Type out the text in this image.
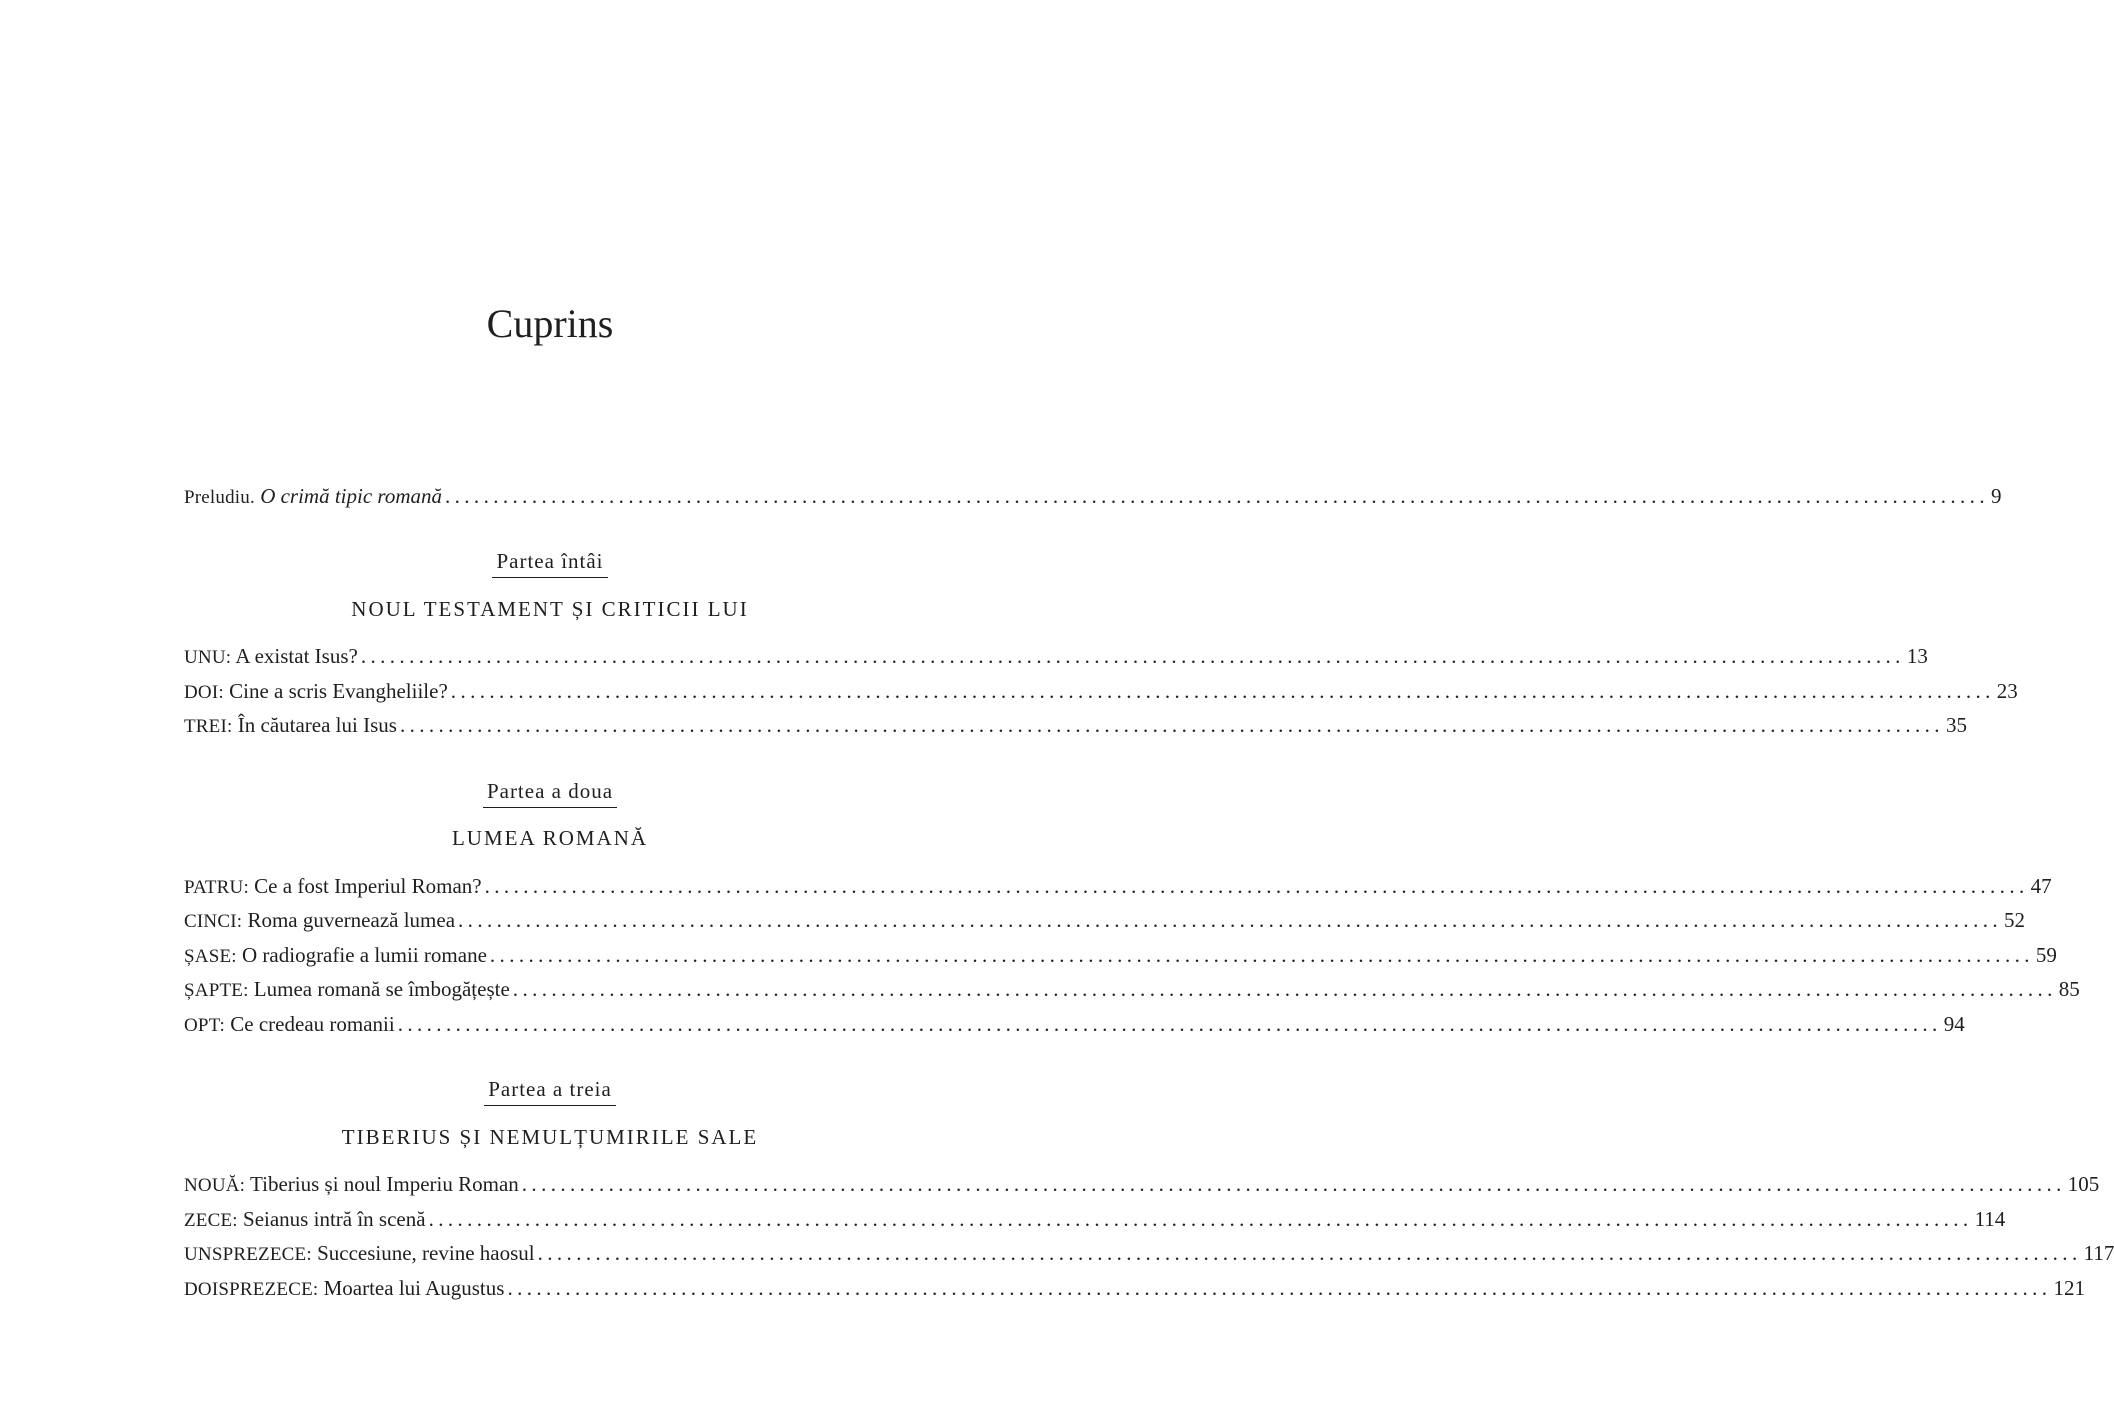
Cuprins
Preludiu. O crimă tipic romană ................................................................................................................................................................ 9
Partea întâi
NOUL TESTAMENT ȘI CRITICII LUI
UNU: A existat Isus? ................................................................................................................................................................ 13
DOI: Cine a scris Evangheliile? ................................................................................................................................................................ 23
TREI: În căutarea lui Isus ................................................................................................................................................................ 35
Partea a doua
LUMEA ROMANĂ
PATRU: Ce a fost Imperiul Roman? ................................................................................................................................................................ 47
CINCI: Roma guvernează lumea ................................................................................................................................................................ 52
ȘASE: O radiografie a lumii romane ................................................................................................................................................................ 59
ȘAPTE: Lumea romană se îmbogățește ................................................................................................................................................................ 85
OPT: Ce credeau romanii ................................................................................................................................................................ 94
Partea a treia
TIBERIUS ȘI NEMULȚUMIRILE SALE
NOUĂ: Tiberius și noul Imperiu Roman ................................................................................................................................................................ 105
ZECE: Seianus intră în scenă ................................................................................................................................................................ 114
UNSPREZECE: Succesiune, revine haosul ................................................................................................................................................................ 117
DOISPREZECE: Moartea lui Augustus ................................................................................................................................................................ 121
